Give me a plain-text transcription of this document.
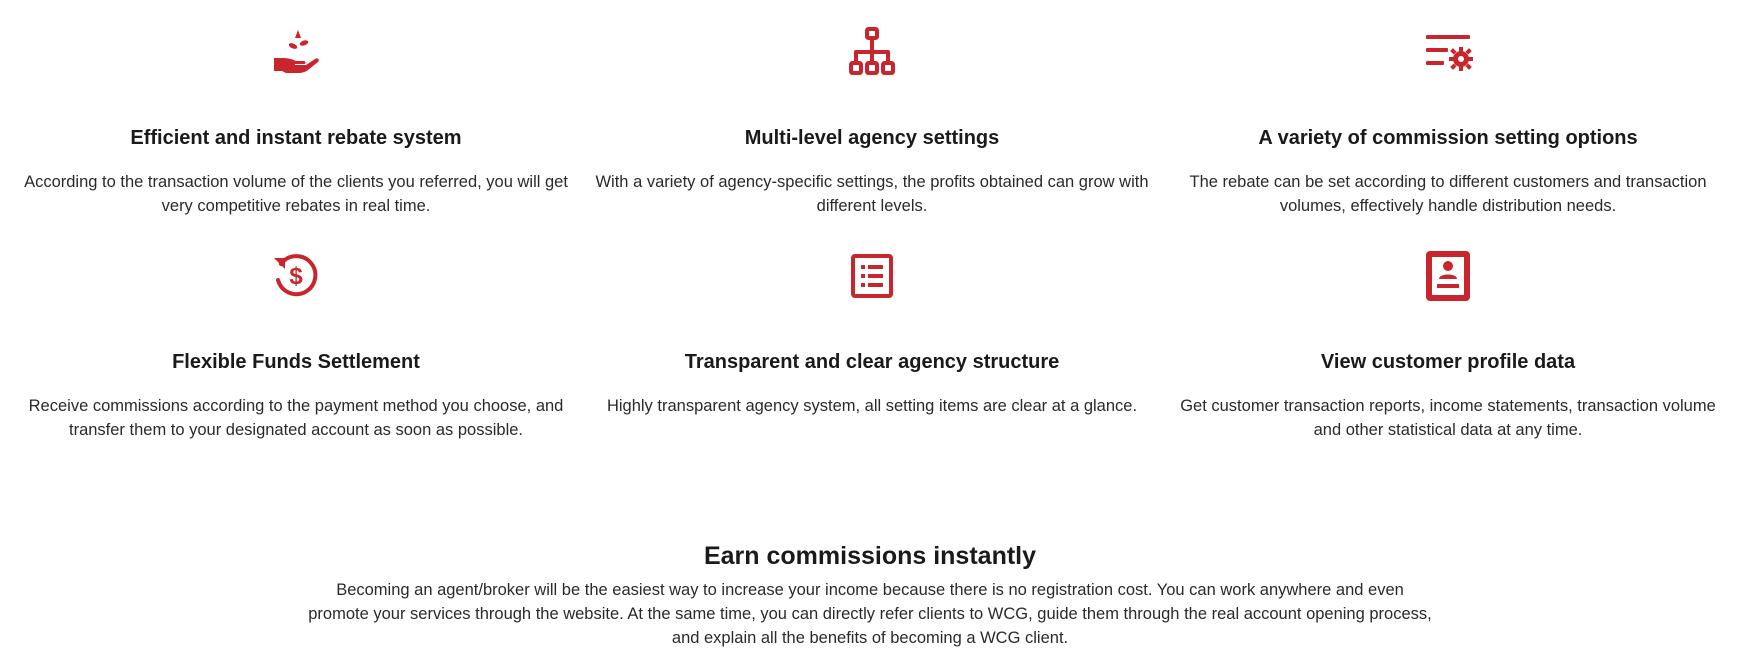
Efficient and instant rebate system

According to the transaction volume of the clients you referred, you will get very competitive rebates in real time.

Multi-level agency settings

With a variety of agency-specific settings, the profits obtained can grow with different levels.

A variety of commission setting options

The rebate can be set according to different customers and transaction volumes, effectively handle distribution needs.

$
Flexible Funds Settlement

Receive commissions according to the payment method you choose, and transfer them to your designated account as soon as possible.

Transparent and clear agency structure

Highly transparent agency system, all setting items are clear at a glance.

View customer profile data

Get customer transaction reports, income statements, transaction volume and other statistical data at any time.

Earn commissions instantly

Becoming an agent/broker will be the easiest way to increase your income because there is no registration cost. You can work anywhere and even promote your services through the website. At the same time, you can directly refer clients to WCG, guide them through the real account opening process, and explain all the benefits of becoming a WCG client.
